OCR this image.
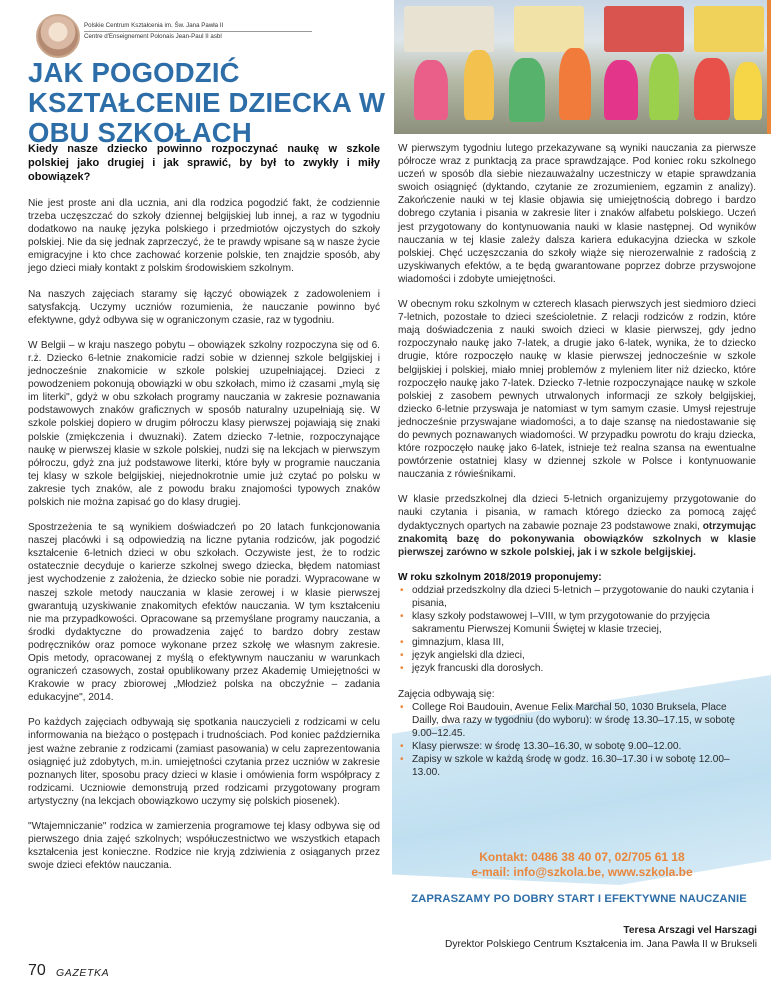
Polskie Centrum Kształcenia im. Św. Jana Pawła II
Centre d'Enseignement Polonais Jean-Paul II asbl
JAK POGODZIĆ KSZTAŁCENIE DZIECKA W OBU SZKOŁACH

Kiedy nasze dziecko powinno rozpoczynać naukę w szkole polskiej jako drugiej i jak sprawić, by był to zwykły i miły obowiązek?

Nie jest proste ani dla ucznia, ani dla rodzica pogodzić fakt, że codziennie trzeba uczęszczać do szkoły dziennej belgijskiej lub innej, a raz w tygodniu dodatkowo na naukę języka polskiego i przedmiotów ojczystych do szkoły polskiej. Nie da się jednak zaprzeczyć, że te prawdy wpisane są w nasze życie emigracyjne i kto chce zachować korzenie polskie, ten znajdzie sposób, aby jego dzieci miały kontakt z polskim środowiskiem szkolnym.

Na naszych zajęciach staramy się łączyć obowiązek z zadowoleniem i satysfakcją. Uczymy uczniów rozumienia, że nauczanie powinno być efektywne, gdyż odbywa się w ograniczonym czasie, raz w tygodniu.

W Belgii – w kraju naszego pobytu – obowiązek szkolny rozpoczyna się od 6. r.ż. Dziecko 6-letnie znakomicie radzi sobie w dziennej szkole belgijskiej i jednocześnie znakomicie w szkole polskiej uzupełniającej. Dzieci z powodzeniem pokonują obowiązki w obu szkołach, mimo iż czasami „mylą się im literki", gdyż w obu szkołach programy nauczania w zakresie poznawania podstawowych znaków graficznych w sposób naturalny uzupełniają się. W szkole polskiej dopiero w drugim półroczu klasy pierwszej pojawiają się znaki polskie (zmiękczenia i dwuznaki). Zatem dziecko 7-letnie, rozpoczynające naukę w pierwszej klasie w szkole polskiej, nudzi się na lekcjach w pierwszym półroczu, gdyż zna już podstawowe literki, które były w programie nauczania tej klasy w szkole belgijskiej, niejednokrotnie umie już czytać po polsku w zakresie tych znaków, ale z powodu braku znajomości typowych znaków polskich nie można zapisać go do klasy drugiej.

Spostrzeżenia te są wynikiem doświadczeń po 20 latach funkcjonowania naszej placówki i są odpowiedzią na liczne pytania rodziców, jak pogodzić kształcenie 6-letnich dzieci w obu szkołach. Oczywiste jest, że to rodzic ostatecznie decyduje o karierze szkolnej swego dziecka, błędem natomiast jest wychodzenie z założenia, że dziecko sobie nie poradzi. Wypracowane w naszej szkole metody nauczania w klasie zerowej i w klasie pierwszej gwarantują uzyskiwanie znakomitych efektów nauczania. W tym kształceniu nie ma przypadkowości. Opracowane są przemyślane programy nauczania, a środki dydaktyczne do prowadzenia zajęć to bardzo dobry zestaw podręczników oraz pomoce wykonane przez szkołę we własnym zakresie. Opis metody, opracowanej z myślą o efektywnym nauczaniu w warunkach ograniczeń czasowych, został opublikowany przez Akademię Umiejętności w Krakowie w pracy zbiorowej „Młodzież polska na obczyźnie – zadania edukacyjne", 2014.

Po każdych zajęciach odbywają się spotkania nauczycieli z rodzicami w celu informowania na bieżąco o postępach i trudnościach. Pod koniec października jest ważne zebranie z rodzicami (zamiast pasowania) w celu zaprezentowania osiągnięć już zdobytych, m.in. umiejętności czytania przez uczniów w zakresie poznanych liter, sposobu pracy dzieci w klasie i omówienia form współpracy z rodzicami. Uczniowie demonstrują przed rodzicami przygotowany program artystyczny (na lekcjach obowiązkowo uczymy się polskich piosenek).

"Wtajemniczanie" rodzica w zamierzenia programowe tej klasy odbywa się od pierwszego dnia zajęć szkolnych; współuczestnictwo we wszystkich etapach kształcenia jest konieczne. Rodzice nie kryją zdziwienia z osiąganych przez swoje dzieci efektów nauczania.

W pierwszym tygodniu lutego przekazywane są wyniki nauczania za pierwsze półrocze wraz z punktacją za prace sprawdzające. Pod koniec roku szkolnego uczeń w sposób dla siebie niezauważalny uczestniczy w etapie sprawdzania swoich osiągnięć (dyktando, czytanie ze zrozumieniem, egzamin z analizy). Zakończenie nauki w tej klasie objawia się umiejętnością dobrego i bardzo dobrego czytania i pisania w zakresie liter i znaków alfabetu polskiego. Uczeń jest przygotowany do kontynuowania nauki w klasie następnej. Od wyników nauczania w tej klasie zależy dalsza kariera edukacyjna dziecka w szkole polskiej. Chęć uczęszczania do szkoły wiąże się nierozerwalnie z radością z uzyskiwanych efektów, a te będą gwarantowane poprzez dobrze przyswojone wiadomości i zdobyte umiejętności.

W obecnym roku szkolnym w czterech klasach pierwszych jest siedmioro dzieci 7-letnich, pozostałe to dzieci sześcioletnie. Z relacji rodziców z rodzin, które mają doświadczenia z nauki swoich dzieci w klasie pierwszej, gdy jedno rozpoczynało naukę jako 7-latek, a drugie jako 6-latek, wynika, że to dziecko drugie, które rozpoczęło naukę w klasie pierwszej jednocześnie w szkole belgijskiej i polskiej, miało mniej problemów z myleniem liter niż dziecko, które rozpoczęło naukę jako 7-latek. Dziecko 7-letnie rozpoczynające naukę w szkole polskiej z zasobem pewnych utrwalonych informacji ze szkoły belgijskiej, dziecko 6-letnie przyswaja je natomiast w tym samym czasie. Umysł rejestruje jednocześnie przyswajane wiadomości, a to daje szansę na niedostawanie się do pewnych poznawanych wiadomości. W przypadku powrotu do kraju dziecka, które rozpoczęło naukę jako 6-latek, istnieje też realna szansa na ewentualne powtórzenie ostatniej klasy w dziennej szkole w Polsce i kontynuowanie nauczania z rówieśnikami.

W klasie przedszkolnej dla dzieci 5-letnich organizujemy przygotowanie do nauki czytania i pisania, w ramach którego dziecko za pomocą zajęć dydaktycznych opartych na zabawie poznaje 23 podstawowe znaki, otrzymując znakomitą bazę do pokonywania obowiązków szkolnych w klasie pierwszej zarówno w szkole polskiej, jak i w szkole belgijskiej.

W roku szkolnym 2018/2019 proponujemy:

• oddział przedszkolny dla dzieci 5-letnich – przygotowanie do nauki czytania i pisania,
• klasy szkoły podstawowej I–VIII, w tym przygotowanie do przyjęcia sakramentu Pierwszej Komunii Świętej w klasie trzeciej,
• gimnazjum, klasa III,
• język angielski dla dzieci,
• język francuski dla dorosłych.

Zajęcia odbywają się:

• College Roi Baudouin, Avenue Felix Marchal 50, 1030 Bruksela, Place Dailly, dwa razy w tygodniu (do wyboru): w środę 13.30–17.15, w sobotę 9.00–12.45.
• Klasy pierwsze: w środę 13.30–16.30, w sobotę 9.00–12.00.
• Zapisy w szkole w każdą środę w godz. 16.30–17.30 i w sobotę 12.00–13.00.
Kontakt: 0486 38 40 07, 02/705 61 18
e-mail: info@szkola.be, www.szkola.be
ZAPRASZAMY PO DOBRY START I EFEKTYWNE NAUCZANIE
Teresa Arszagi vel Harszagi
Dyrektor Polskiego Centrum Kształcenia im. Jana Pawła II w Brukseli
70 GAZETKA
